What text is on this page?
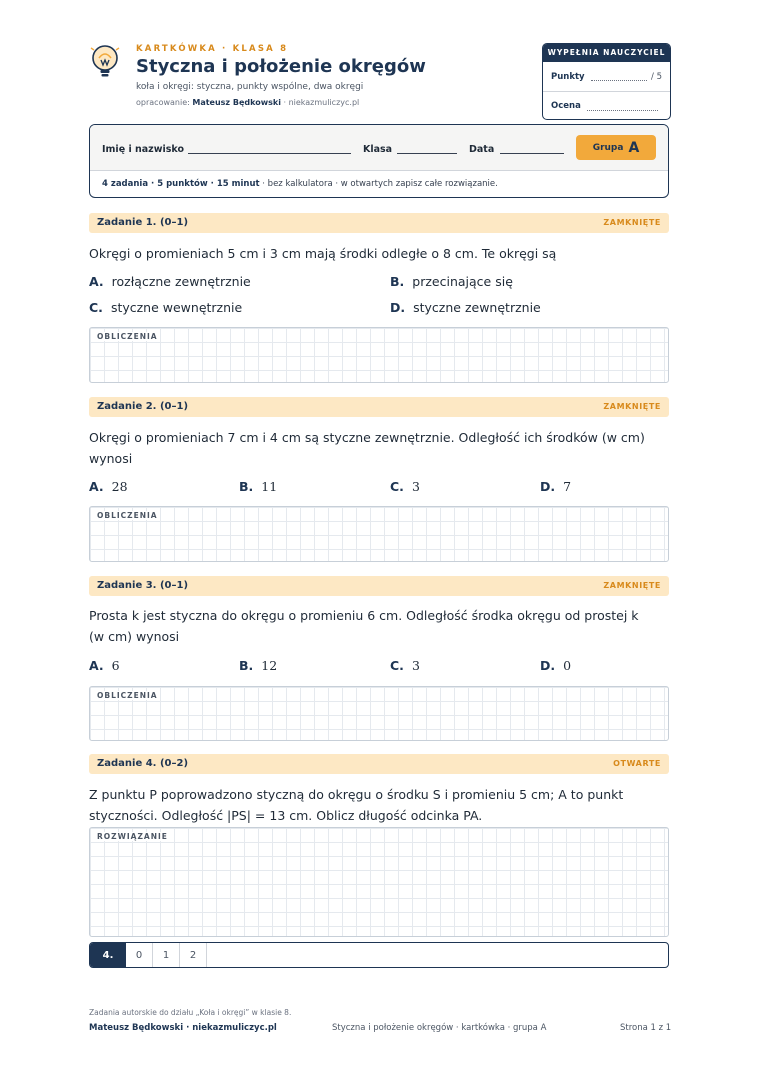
KARTKÓWKA · KLASA 8
Styczna i położenie okręgów
koła i okręgi: styczna, punkty wspólne, dwa okręgi
opracowanie: Mateusz Będkowski · niekazmuliczyc.pl
WYPEŁNIA NAUCZYCIEL
Punkty	/ 5
Ocena
Imię i nazwisko	Klasa	Data	Grupa A
4 zadania · 5 punktów · 15 minut · bez kalkulatora · w otwartych zapisz całe rozwiązanie.
Zadanie 1. (0–1)	ZAMKNIĘTE
Okręgi o promieniach 5 cm i 3 cm mają środki odległe o 8 cm. Te okręgi są
A. rozłączne zewnętrznie	B. przecinające się
C. styczne wewnętrznie	D. styczne zewnętrznie
OBLICZENIA
Zadanie 2. (0–1)	ZAMKNIĘTE
Okręgi o promieniach 7 cm i 4 cm są styczne zewnętrznie. Odległość ich środków (w cm)
wynosi
A. 28	B. 11	C. 3	D. 7
OBLICZENIA
Zadanie 3. (0–1)	ZAMKNIĘTE
Prosta k jest styczna do okręgu o promieniu 6 cm. Odległość środka okręgu od prostej k
(w cm) wynosi
A. 6	B. 12	C. 3	D. 0
OBLICZENIA
Zadanie 4. (0–2)	OTWARTE
Z punktu P poprowadzono styczną do okręgu o środku S i promieniu 5 cm; A to punkt
styczności. Odległość |PS| = 13 cm. Oblicz długość odcinka PA.
ROZWIĄZANIE
4.	0	1	2
Zadania autorskie do działu „Koła i okręgi” w klasie 8.
Mateusz Będkowski · niekazmuliczyc.pl	Styczna i położenie okręgów · kartkówka · grupa A	Strona 1 z 1
